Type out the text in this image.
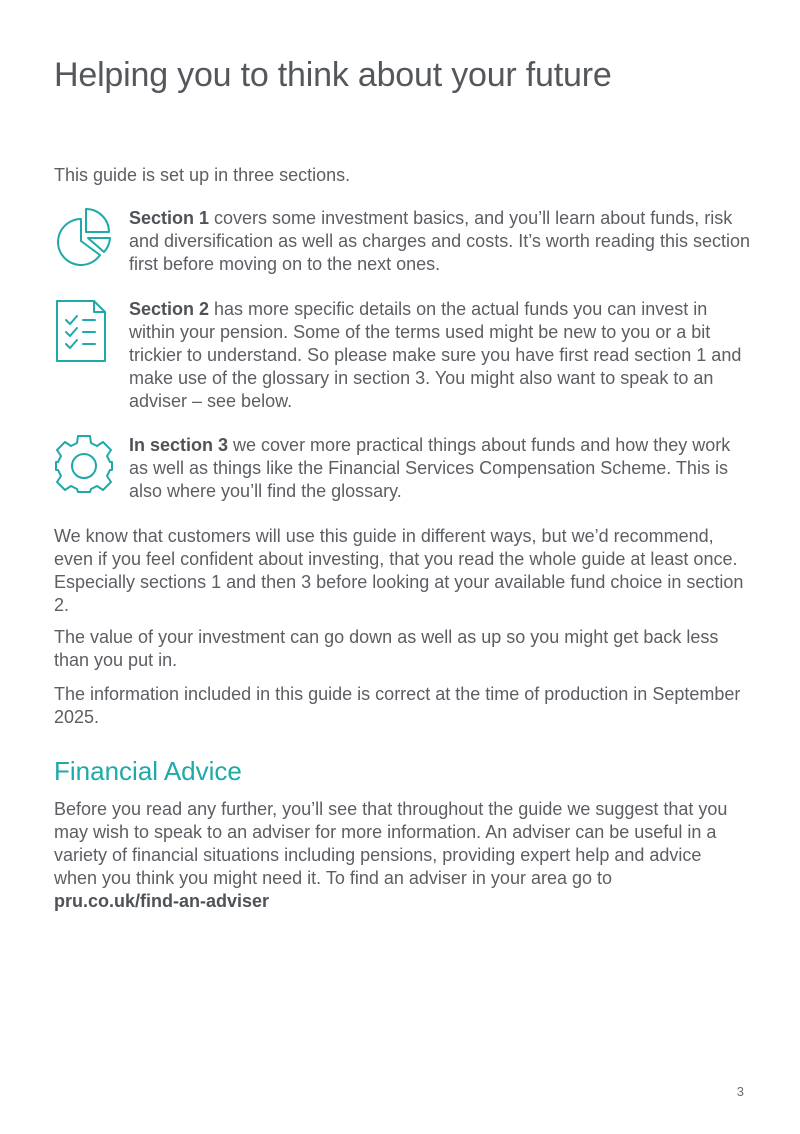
Helping you to think about your future

This guide is set up in three sections.

Section 1 covers some investment basics, and you’ll learn about funds, risk and diversification as well as charges and costs. It’s worth reading this section first before moving on to the next ones.

Section 2 has more specific details on the actual funds you can invest in within your pension. Some of the terms used might be new to you or a bit trickier to understand. So please make sure you have first read section 1 and make use of the glossary in section 3. You might also want to speak to an adviser – see below.

In section 3 we cover more practical things about funds and how they work as well as things like the Financial Services Compensation Scheme. This is also where you’ll find the glossary.

We know that customers will use this guide in different ways, but we’d recommend, even if you feel confident about investing, that you read the whole guide at least once. Especially sections 1 and then 3 before looking at your available fund choice in section 2.

The value of your investment can go down as well as up so you might get back less than you put in.

The information included in this guide is correct at the time of production in September 2025.

Financial Advice

Before you read any further, you’ll see that throughout the guide we suggest that you may wish to speak to an adviser for more information. An adviser can be useful in a variety of financial situations including pensions, providing expert help and advice when you think you might need it. To find an adviser in your area go to pru.co.uk/find-an-adviser

3
